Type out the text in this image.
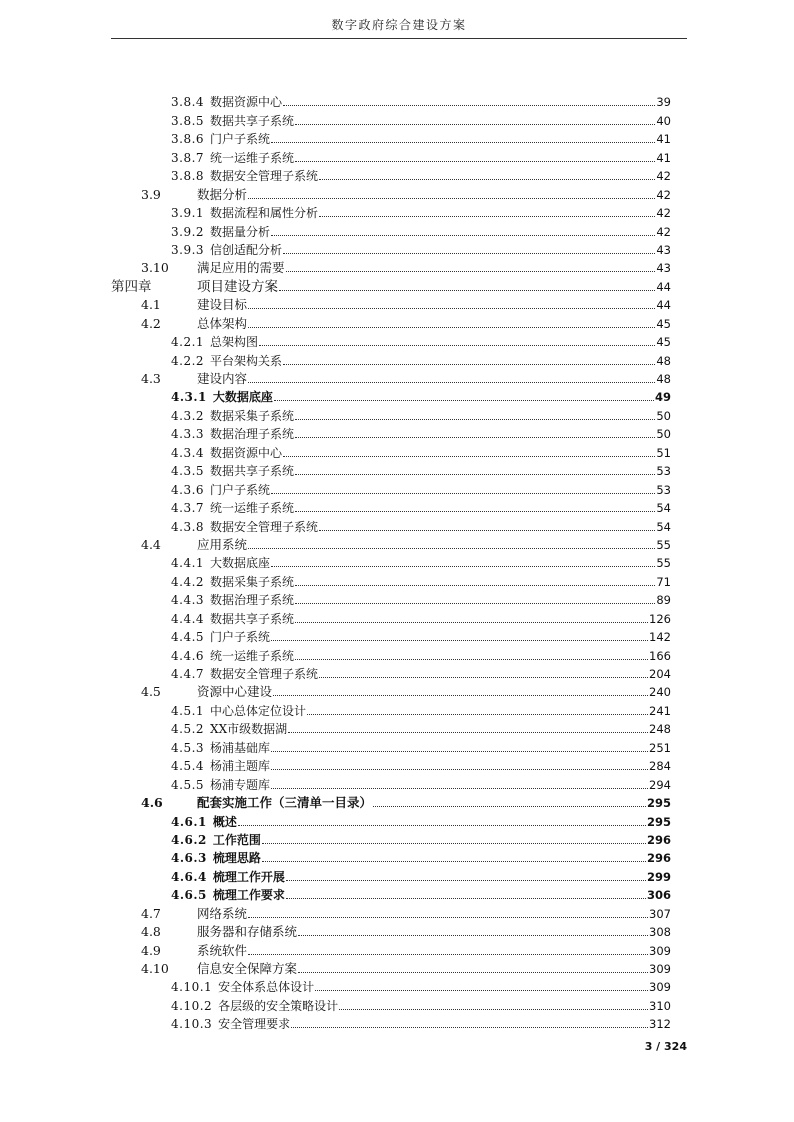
数字政府综合建设方案
3.8.4 数据资源中心	39
3.8.5 数据共享子系统	40
3.8.6 门户子系统	41
3.8.7 统一运维子系统	41
3.8.8 数据安全管理子系统	42
3.9	数据分析	42
3.9.1 数据流程和属性分析	42
3.9.2 数据量分析	42
3.9.3 信创适配分析	43
3.10	满足应用的需要	43
第四章	项目建设方案	44
4.1	建设目标	44
4.2	总体架构	45
4.2.1 总架构图	45
4.2.2 平台架构关系	48
4.3	建设内容	48
4.3.1 大数据底座	49
4.3.2 数据采集子系统	50
4.3.3 数据治理子系统	50
4.3.4 数据资源中心	51
4.3.5 数据共享子系统	53
4.3.6 门户子系统	53
4.3.7 统一运维子系统	54
4.3.8 数据安全管理子系统	54
4.4	应用系统	55
4.4.1 大数据底座	55
4.4.2 数据采集子系统	71
4.4.3 数据治理子系统	89
4.4.4 数据共享子系统	126
4.4.5 门户子系统	142
4.4.6 统一运维子系统	166
4.4.7 数据安全管理子系统	204
4.5	资源中心建设	240
4.5.1 中心总体定位设计	241
4.5.2 XX市级数据湖	248
4.5.3 杨浦基础库	251
4.5.4 杨浦主题库	284
4.5.5 杨浦专题库	294
4.6	配套实施工作（三清单一目录）	295
4.6.1 概述	295
4.6.2 工作范围	296
4.6.3 梳理思路	296
4.6.4 梳理工作开展	299
4.6.5 梳理工作要求	306
4.7	网络系统	307
4.8	服务器和存储系统	308
4.9	系统软件	309
4.10	信息安全保障方案	309
4.10.1 安全体系总体设计	309
4.10.2 各层级的安全策略设计	310
4.10.3 安全管理要求	312
3 / 324
